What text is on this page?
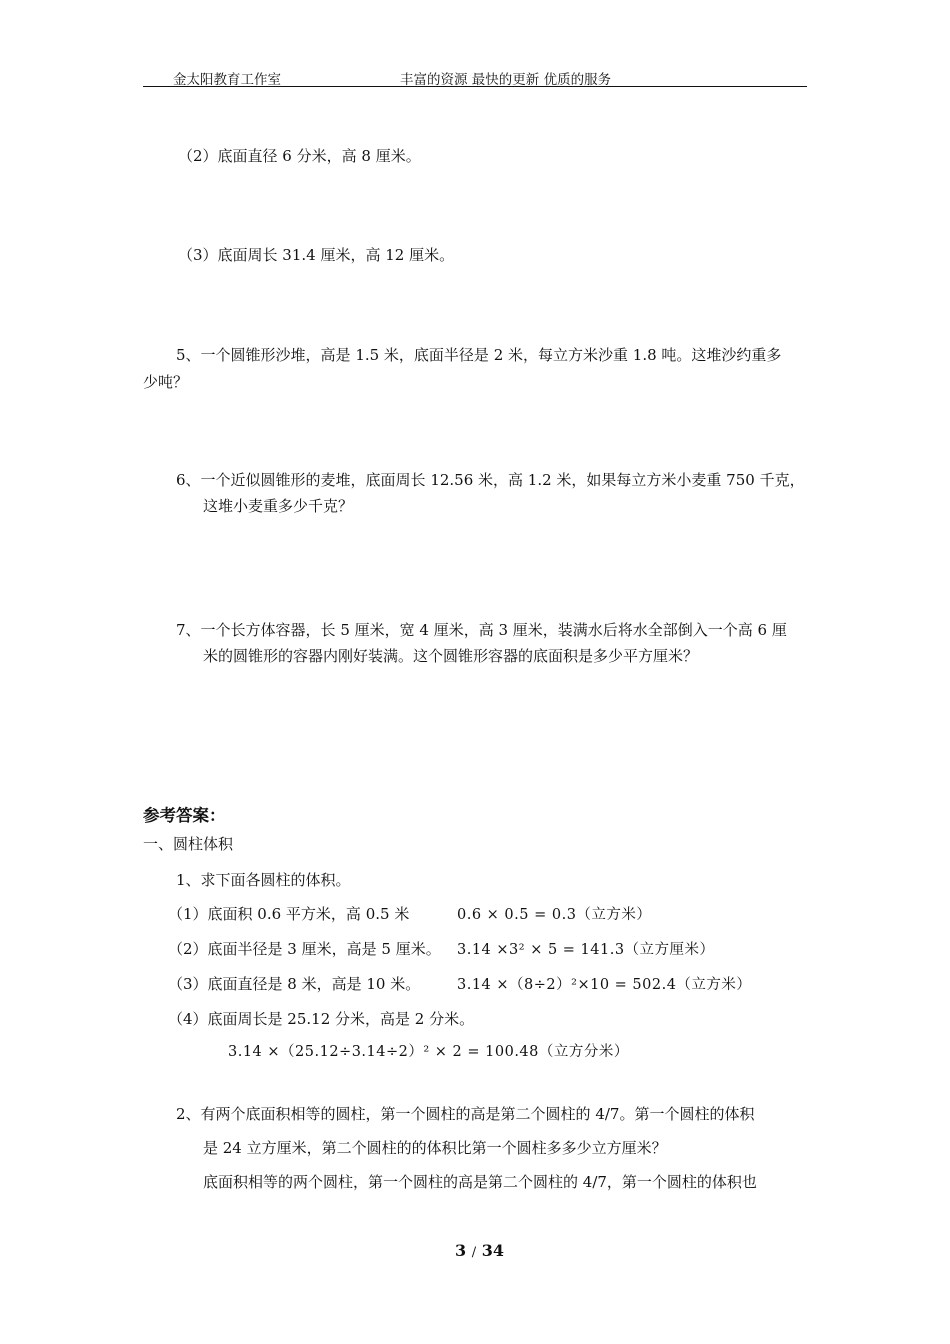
金太阳教育工作室	丰富的资源 最快的更新 优质的服务
（2）底面直径 6 分米，高 8 厘米。
（3）底面周长 31.4 厘米，高 12 厘米。
5、一个圆锥形沙堆，高是 1.5 米，底面半径是 2 米，每立方米沙重 1.8 吨。这堆沙约重多
少吨？
6、一个近似圆锥形的麦堆，底面周长 12.56 米，高 1.2 米，如果每立方米小麦重 750 千克，
这堆小麦重多少千克？
7、一个长方体容器，长 5 厘米，宽 4 厘米，高 3 厘米，装满水后将水全部倒入一个高 6 厘
米的圆锥形的容器内刚好装满。这个圆锥形容器的底面积是多少平方厘米？
参考答案：
一、圆柱体积
1、求下面各圆柱的体积。
（1）底面积 0.6 平方米，高 0.5 米	0.6 × 0.5 = 0.3（立方米）
（2）底面半径是 3 厘米，高是 5 厘米。 3.14 ×3² × 5 = 141.3（立方厘米）
（3）底面直径是 8 米，高是 10 米。	3.14 ×（8÷2）²×10 = 502.4（立方米）
（4）底面周长是 25.12 分米，高是 2 分米。
3.14 ×（25.12÷3.14÷2）² × 2 = 100.48（立方分米）
2、有两个底面积相等的圆柱，第一个圆柱的高是第二个圆柱的 4/7。第一个圆柱的体积
是 24 立方厘米，第二个圆柱的的体积比第一个圆柱多多少立方厘米？
底面积相等的两个圆柱，第一个圆柱的高是第二个圆柱的 4/7，第一个圆柱的体积也
3 / 34
